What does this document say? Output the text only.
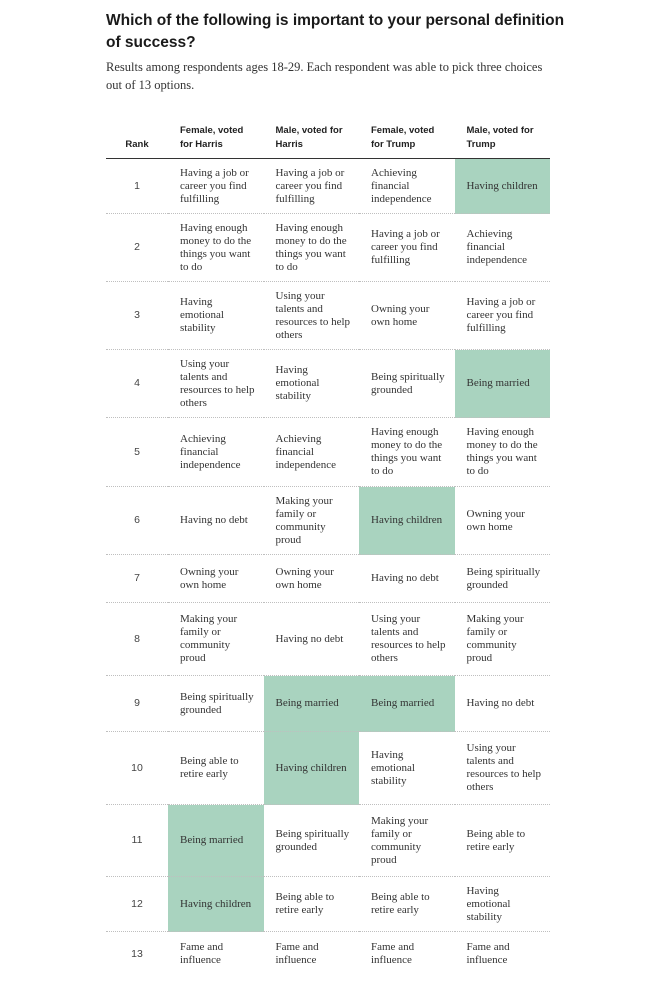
Which of the following is important to your personal definition of success?
Results among respondents ages 18-29. Each respondent was able to pick three choices out of 13 options.
Rank	Female, voted for Harris	Male, voted for Harris	Female, voted for Trump	Male, voted for Trump
1	Having a job or career you find fulfilling	Having a job or career you find fulfilling	Achieving financial independence	Having children
2	Having enough money to do the things you want to do	Having enough money to do the things you want to do	Having a job or career you find fulfilling	Achieving financial independence
3	Having emotional stability	Using your talents and resources to help others	Owning your own home	Having a job or career you find fulfilling
4	Using your talents and resources to help others	Having emotional stability	Being spiritually grounded	Being married
5	Achieving financial independence	Achieving financial independence	Having enough money to do the things you want to do	Having enough money to do the things you want to do
6	Having no debt	Making your family or community proud	Having children	Owning your own home
7	Owning your own home	Owning your own home	Having no debt	Being spiritually grounded
8	Making your family or community proud	Having no debt	Using your talents and resources to help others	Making your family or community proud
9	Being spiritually grounded	Being married	Being married	Having no debt
10	Being able to retire early	Having children	Having emotional stability	Using your talents and resources to help others
11	Being married	Being spiritually grounded	Making your family or community proud	Being able to retire early
12	Having children	Being able to retire early	Being able to retire early	Having emotional stability
13	Fame and influence	Fame and influence	Fame and influence	Fame and influence
